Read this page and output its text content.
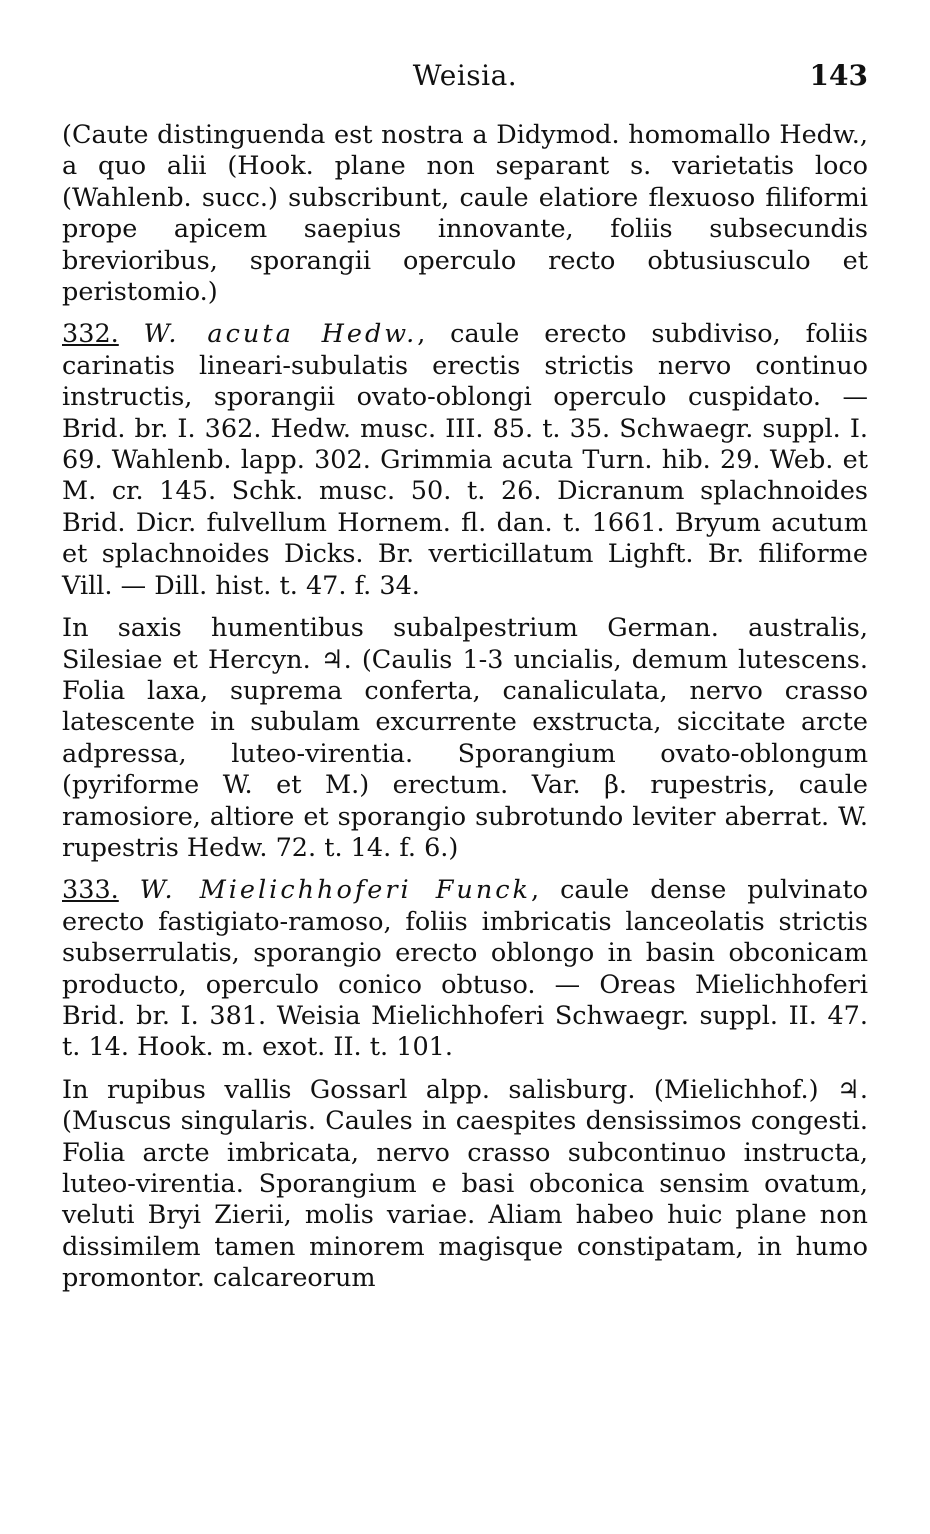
Weisia.	143

(Caute distinguenda est nostra a Didymod. homomallo Hedw., a quo alii (Hook. plane non separant s. varietatis loco (Wahlenb. succ.) subscribunt, caule elatiore flexuoso filiformi prope apicem saepius innovante, foliis subsecundis brevioribus, sporangii operculo recto obtusiusculo et peristomio.)

332. W. acuta Hedw., caule erecto subdiviso, foliis carinatis lineari-subulatis erectis strictis nervo continuo instructis, sporangii ovato-oblongi operculo cuspidato. — Brid. br. I. 362. Hedw. musc. III. 85. t. 35. Schwaegr. suppl. I. 69. Wahlenb. lapp. 302. Grimmia acuta Turn. hib. 29. Web. et M. cr. 145. Schk. musc. 50. t. 26. Dicranum splachnoides Brid. Dicr. fulvellum Hornem. fl. dan. t. 1661. Bryum acutum et splachnoides Dicks. Br. verticillatum Lighft. Br. filiforme Vill. — Dill. hist. t. 47. f. 34.

In saxis humentibus subalpestrium German. australis, Silesiae et Hercyn. ♃. (Caulis 1-3 uncialis, demum lutescens. Folia laxa, suprema conferta, canaliculata, nervo crasso latescente in subulam excurrente exstructa, siccitate arcte adpressa, luteo-virentia. Sporangium ovato-oblongum (pyriforme W. et M.) erectum. Var. β. rupestris, caule ramosiore, altiore et sporangio subrotundo leviter aberrat. W. rupestris Hedw. 72. t. 14. f. 6.)

333. W. Mielichhoferi Funck, caule dense pulvinato erecto fastigiato-ramoso, foliis imbricatis lanceolatis strictis subserrulatis, sporangio erecto oblongo in basin obconicam producto, operculo conico obtuso. — Oreas Mielichhoferi Brid. br. I. 381. Weisia Mielichhoferi Schwaegr. suppl. II. 47. t. 14. Hook. m. exot. II. t. 101.

In rupibus vallis Gossarl alpp. salisburg. (Mielichhof.) ♃. (Muscus singularis. Caules in caespites densissimos congesti. Folia arcte imbricata, nervo crasso subcontinuo instructa, luteo-virentia. Sporangium e basi obconica sensim ovatum, veluti Bryi Zierii, molis variae. Aliam habeo huic plane non dissimilem tamen minorem magisque constipatam, in humo promontor. calcareorum
